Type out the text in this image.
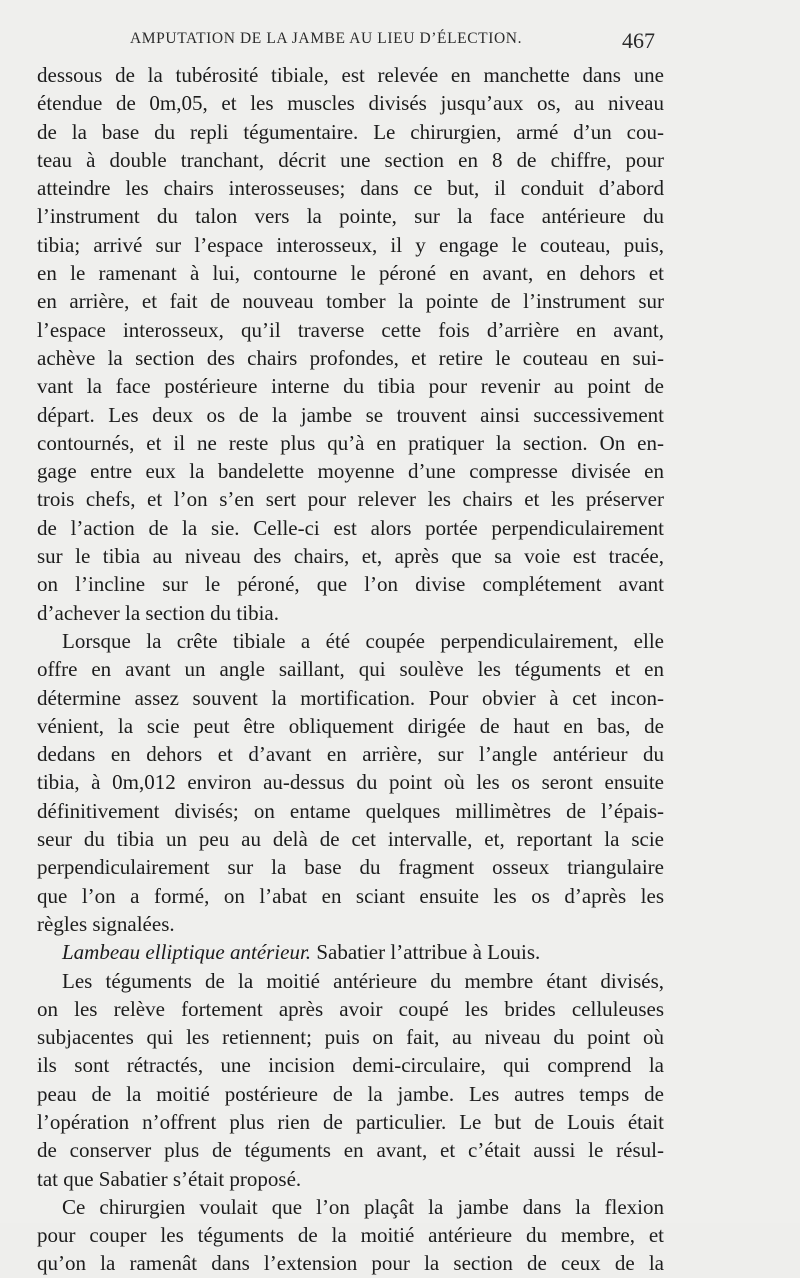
AMPUTATION DE LA JAMBE AU LIEU D’ÉLECTION.	467
dessous de la tubérosité tibiale, est relevée en manchette dans une
étendue de 0m,05, et les muscles divisés jusqu’aux os, au niveau
de la base du repli tégumentaire. Le chirurgien, armé d’un cou-
teau à double tranchant, décrit une section en 8 de chiffre, pour
atteindre les chairs interosseuses; dans ce but, il conduit d’abord
l’instrument du talon vers la pointe, sur la face antérieure du
tibia; arrivé sur l’espace interosseux, il y engage le couteau, puis,
en le ramenant à lui, contourne le péroné en avant, en dehors et
en arrière, et fait de nouveau tomber la pointe de l’instrument sur
l’espace interosseux, qu’il traverse cette fois d’arrière en avant,
achève la section des chairs profondes, et retire le couteau en sui-
vant la face postérieure interne du tibia pour revenir au point de
départ. Les deux os de la jambe se trouvent ainsi successivement
contournés, et il ne reste plus qu’à en pratiquer la section. On en-
gage entre eux la bandelette moyenne d’une compresse divisée en
trois chefs, et l’on s’en sert pour relever les chairs et les préserver
de l’action de la sie. Celle-ci est alors portée perpendiculairement
sur le tibia au niveau des chairs, et, après que sa voie est tracée,
on l’incline sur le péroné, que l’on divise complétement avant
d’achever la section du tibia.
Lorsque la crête tibiale a été coupée perpendiculairement, elle
offre en avant un angle saillant, qui soulève les téguments et en
détermine assez souvent la mortification. Pour obvier à cet incon-
vénient, la scie peut être obliquement dirigée de haut en bas, de
dedans en dehors et d’avant en arrière, sur l’angle antérieur du
tibia, à 0m,012 environ au-dessus du point où les os seront ensuite
définitivement divisés; on entame quelques millimètres de l’épais-
seur du tibia un peu au delà de cet intervalle, et, reportant la scie
perpendiculairement sur la base du fragment osseux triangulaire
que l’on a formé, on l’abat en sciant ensuite les os d’après les
règles signalées.
Lambeau elliptique antérieur. Sabatier l’attribue à Louis.
Les téguments de la moitié antérieure du membre étant divisés,
on les relève fortement après avoir coupé les brides celluleuses
subjacentes qui les retiennent; puis on fait, au niveau du point où
ils sont rétractés, une incision demi-circulaire, qui comprend la
peau de la moitié postérieure de la jambe. Les autres temps de
l’opération n’offrent plus rien de particulier. Le but de Louis était
de conserver plus de téguments en avant, et c’était aussi le résul-
tat que Sabatier s’était proposé.
Ce chirurgien voulait que l’on plaçât la jambe dans la flexion
pour couper les téguments de la moitié antérieure du membre, et
qu’on la ramenât dans l’extension pour la section de ceux de la
